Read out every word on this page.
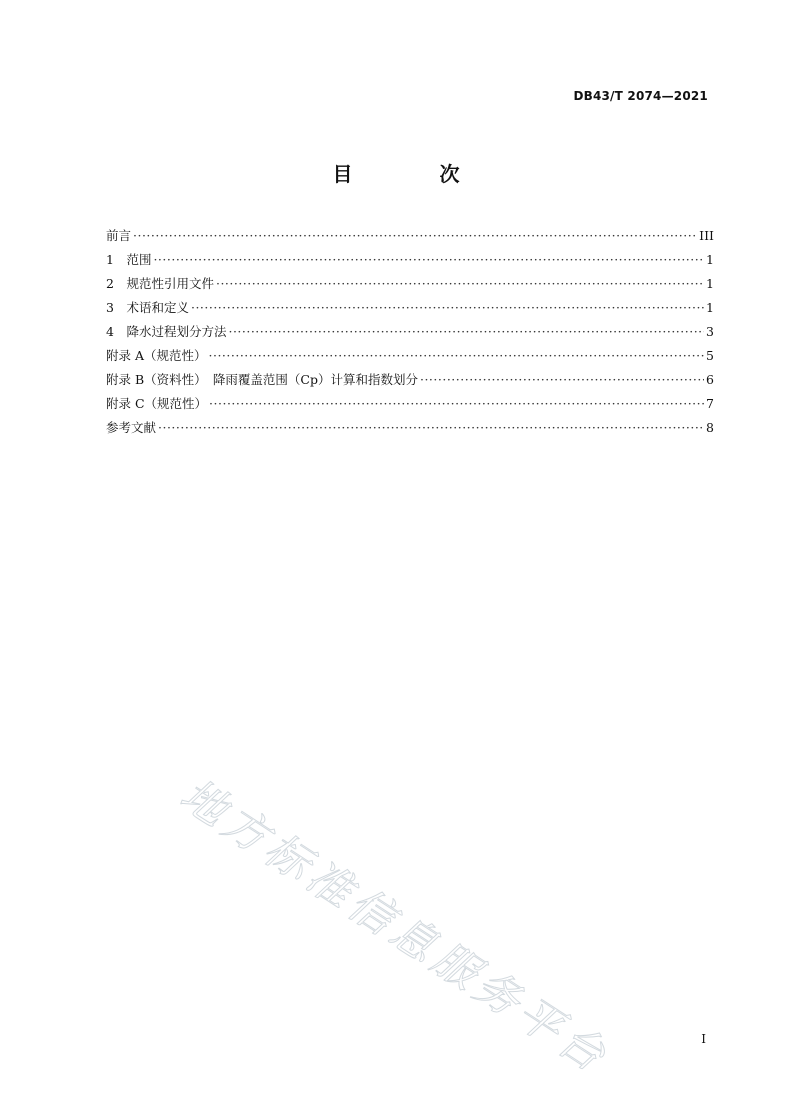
DB43/T 2074—2021
目 次
前言 ·····	III
1　范围 ·····	1
2　规范性引用文件 ·····	1
3　术语和定义 ·····	1
4　降水过程划分方法 ·····	3
附录 A（规范性） ·····	5
附录 B（资料性）　降雨覆盖范围（Cp）计算和指数划分 ·····	6
附录 C（规范性） ·····	7
参考文献 ·····	8
地方标准信息服务平台	I
